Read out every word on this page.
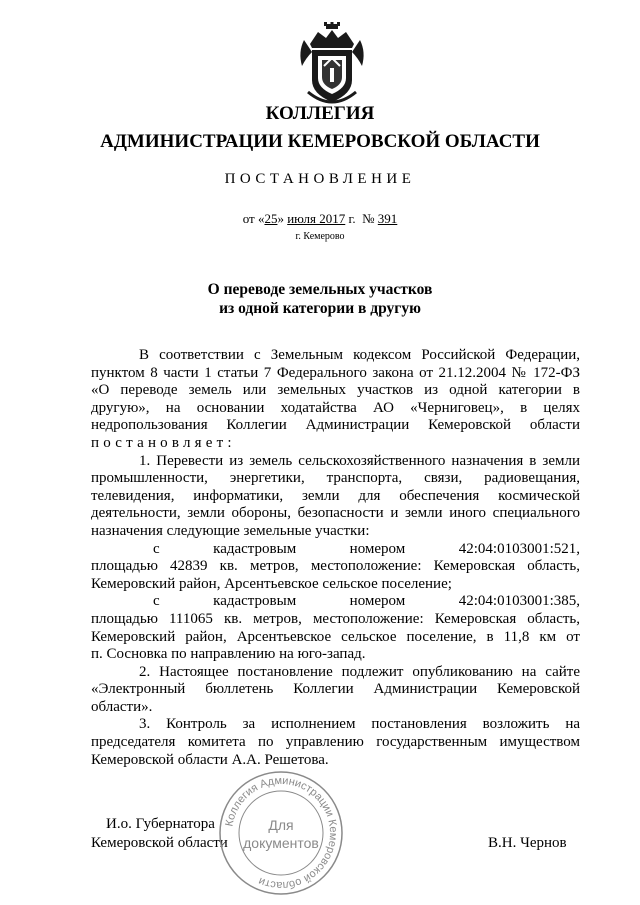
КОЛЛЕГИЯ
АДМИНИСТРАЦИИ КЕМЕРОВСКОЙ ОБЛАСТИ
ПОСТАНОВЛЕНИЕ
от «25» июля 2017 г. № 391
г. Кемерово
О переводе земельных участков
из одной категории в другую

В соответствии с Земельным кодексом Российской Федерации,

пунктом 8 части 1 статьи 7 Федерального закона от 21.12.2004 № 172-ФЗ

«О переводе земель или земельных участков из одной категории в

другую», на основании ходатайства АО «Черниговец», в целях

недропользования Коллегии Администрации Кемеровской области

постановляет:

1. Перевести из земель сельскохозяйственного назначения в земли

промышленности, энергетики, транспорта, связи, радиовещания,

телевидения, информатики, земли для обеспечения космической

деятельности, земли обороны, безопасности и земли иного специального

назначения следующие земельные участки:

с кадастровым номером 42:04:0103001:521,

площадью 42839 кв. метров, местоположение: Кемеровская область,

Кемеровский район, Арсентьевское сельское поселение;

с кадастровым номером 42:04:0103001:385,

площадью 111065 кв. метров, местоположение: Кемеровская область,

Кемеровский район, Арсентьевское сельское поселение, в 11,8 км от

п. Сосновка по направлению на юго-запад.

2. Настоящее постановление подлежит опубликованию на сайте

«Электронный бюллетень Коллегии Администрации Кемеровской

области».

3. Контроль за исполнением постановления возложить на

председателя комитета по управлению государственным имуществом

Кемеровской области А.А. Решетова.

И.о. Губернатора
Кемеровской области	В.Н. Чернов
Коллегия Администрации Кемеровской области
Для
документов
